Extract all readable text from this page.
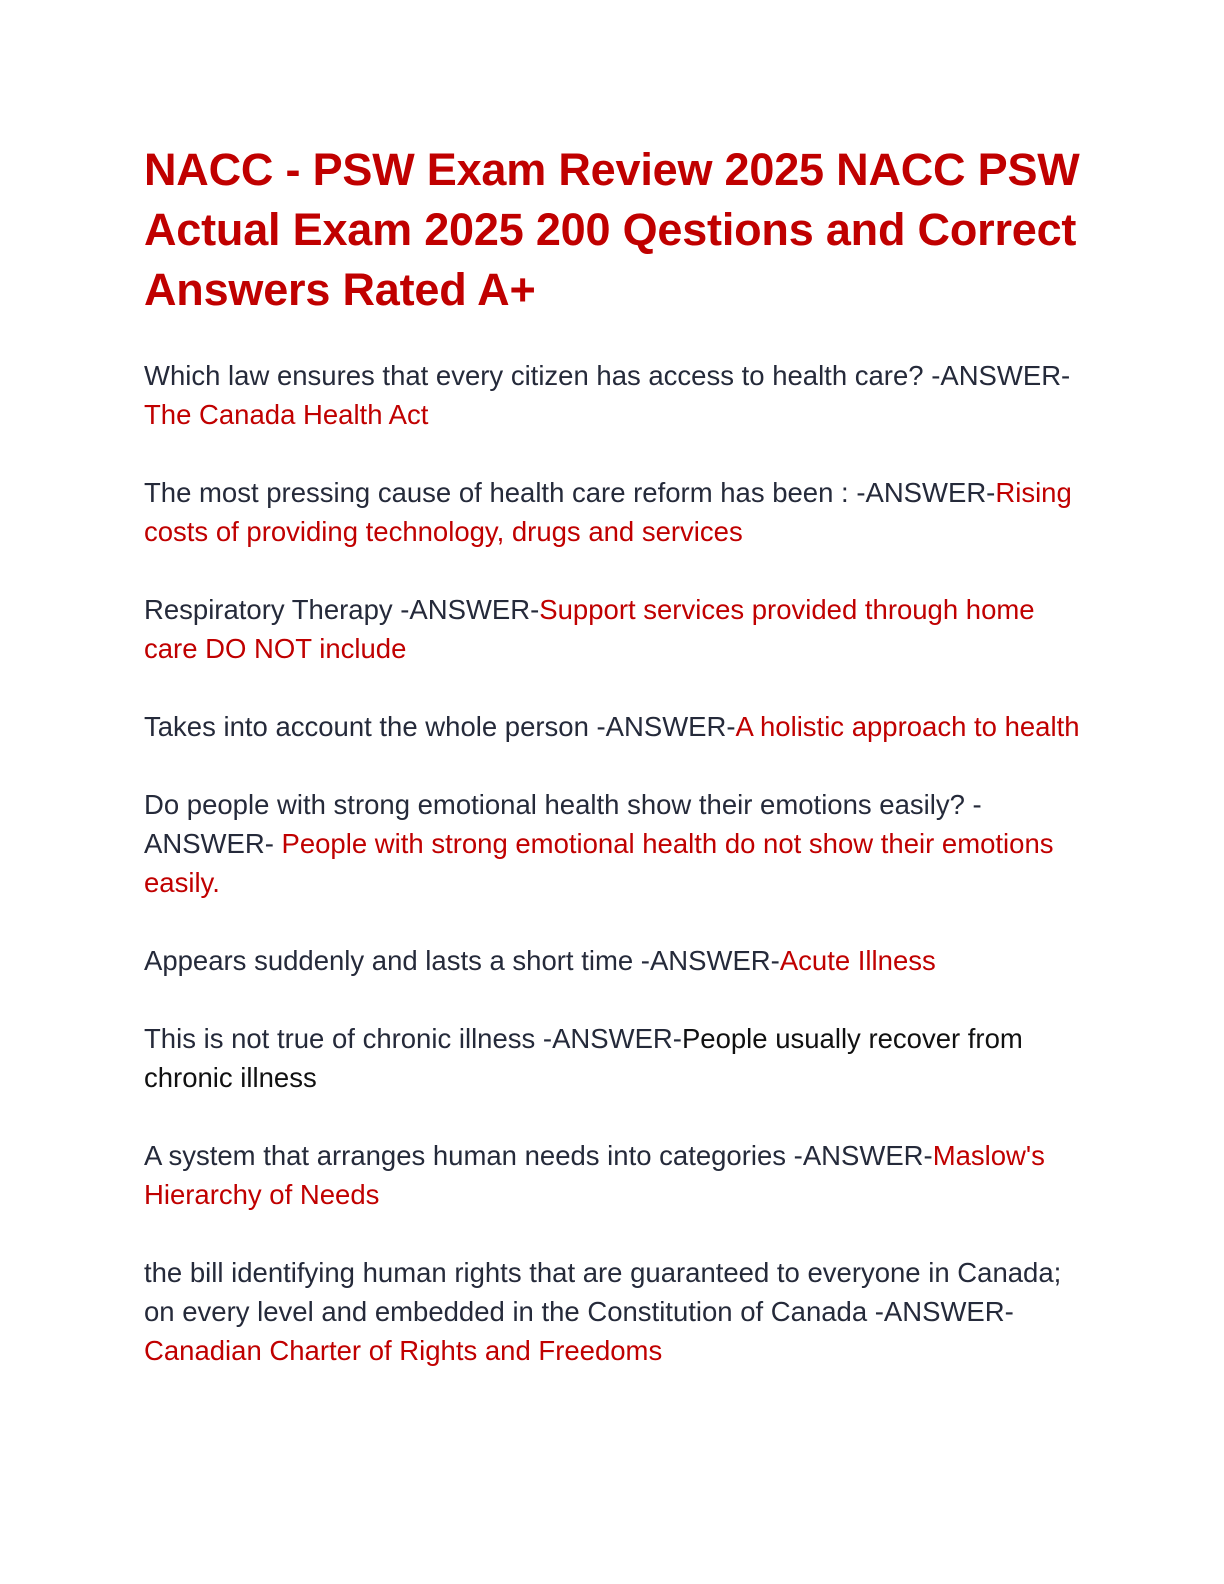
NACC - PSW Exam Review 2025 NACC PSW Actual Exam 2025 200 Qestions and Correct Answers Rated A+

Which law ensures that every citizen has access to health care? -ANSWER-The Canada Health Act

The most pressing cause of health care reform has been : -ANSWER-Rising costs of providing technology, drugs and services

Respiratory Therapy -ANSWER-Support services provided through home care DO NOT include

Takes into account the whole person -ANSWER-A holistic approach to health

Do people with strong emotional health show their emotions easily? -ANSWER- People with strong emotional health do not show their emotions easily.

Appears suddenly and lasts a short time -ANSWER-Acute Illness

This is not true of chronic illness -ANSWER-People usually recover from chronic illness

A system that arranges human needs into categories -ANSWER-Maslow's Hierarchy of Needs

the bill identifying human rights that are guaranteed to everyone in Canada; on every level and embedded in the Constitution of Canada -ANSWER-Canadian Charter of Rights and Freedoms
